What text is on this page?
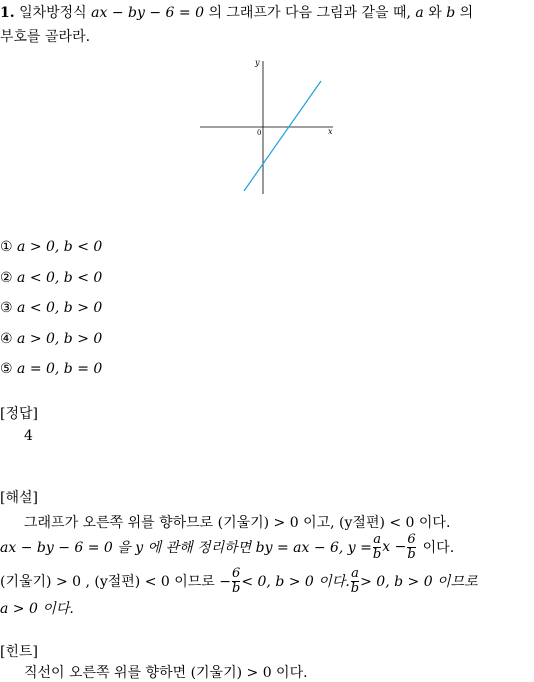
1. 일차방정식 ax − by − 6 = 0 의 그래프가 다음 그림과 같을 때, a 와 b 의
부호를 골라라.
x
y
0
① a > 0, b < 0
② a < 0, b < 0
③ a < 0, b > 0
④ a > 0, b > 0
⑤ a = 0, b = 0
[정답]
4
[해설]
그래프가 오른쪽 위를 향하므로 (기울기) > 0 이고, (y절편) < 0 이다.
ax − by − 6 = 0 을 y 에 관해 정리하면 by = ax − 6, $y = \frac{a}{b}$ $x - \frac{6}{b}$ 이다.
(기울기) > 0 , (y절편) < 0 이므로 − $\frac{6}{b} < 0$, b > 0 이다. $\frac{a}{b} > 0$, b > 0 이므로
a > 0 이다.
[힌트]
직선이 오른쪽 위를 향하면 (기울기) > 0 이다.
